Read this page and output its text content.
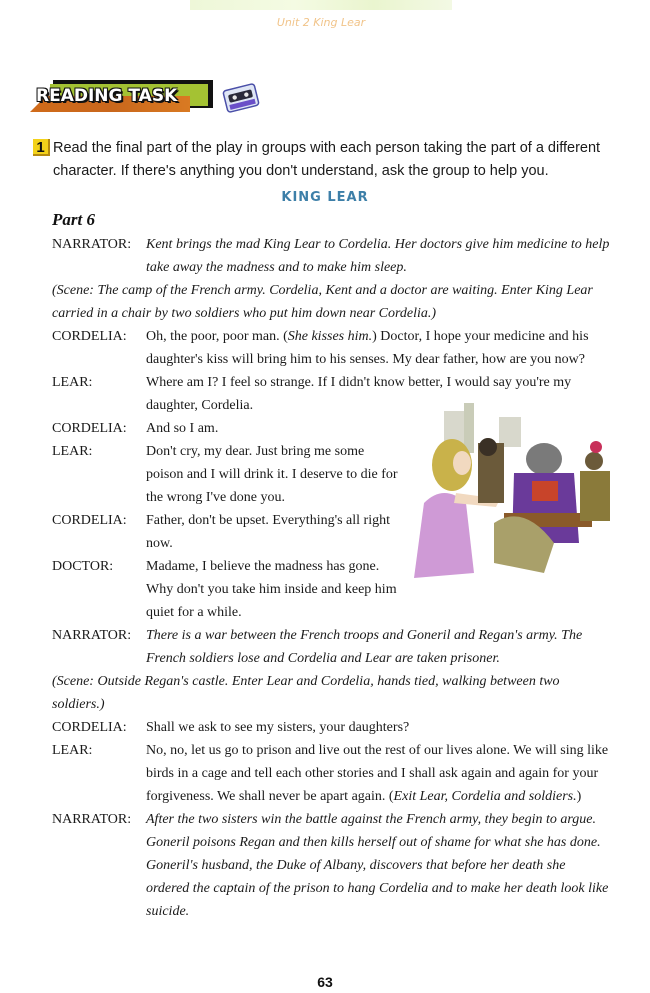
Unit 2 King Lear
READING TASK
1 Read the final part of the play in groups with each person taking the part of a different character. If there's anything you don't understand, ask the group to help you.
KING LEAR
Part 6
NARRATOR:	Kent brings the mad King Lear to Cordelia. Her doctors give him medicine to help take away the madness and to make him sleep.
(Scene: The camp of the French army. Cordelia, Kent and a doctor are waiting. Enter King Lear carried in a chair by two soldiers who put him down near Cordelia.)
CORDELIA:	Oh, the poor, poor man. (She kisses him.) Doctor, I hope your medicine and his daughter's kiss will bring him to his senses. My dear father, how are you now?
LEAR:	Where am I? I feel so strange. If I didn't know better, I would say you're my daughter, Cordelia.
CORDELIA:	And so I am.
LEAR:	Don't cry, my dear. Just bring me some poison and I will drink it. I deserve to die for the wrong I've done you.
CORDELIA:	Father, don't be upset. Everything's all right now.
DOCTOR:	Madame, I believe the madness has gone. Why don't you take him inside and keep him quiet for a while.
NARRATOR:	There is a war between the French troops and Goneril and Regan's army. The French soldiers lose and Cordelia and Lear are taken prisoner.
(Scene: Outside Regan's castle. Enter Lear and Cordelia, hands tied, walking between two soldiers.)
CORDELIA:	Shall we ask to see my sisters, your daughters?
LEAR:	No, no, let us go to prison and live out the rest of our lives alone. We will sing like birds in a cage and tell each other stories and I shall ask again and again for your forgiveness. We shall never be apart again. (Exit Lear, Cordelia and soldiers.)
NARRATOR:	After the two sisters win the battle against the French army, they begin to argue. Goneril poisons Regan and then kills herself out of shame for what she has done. Goneril's husband, the Duke of Albany, discovers that before her death she ordered the captain of the prison to hang Cordelia and to make her death look like suicide.
63
